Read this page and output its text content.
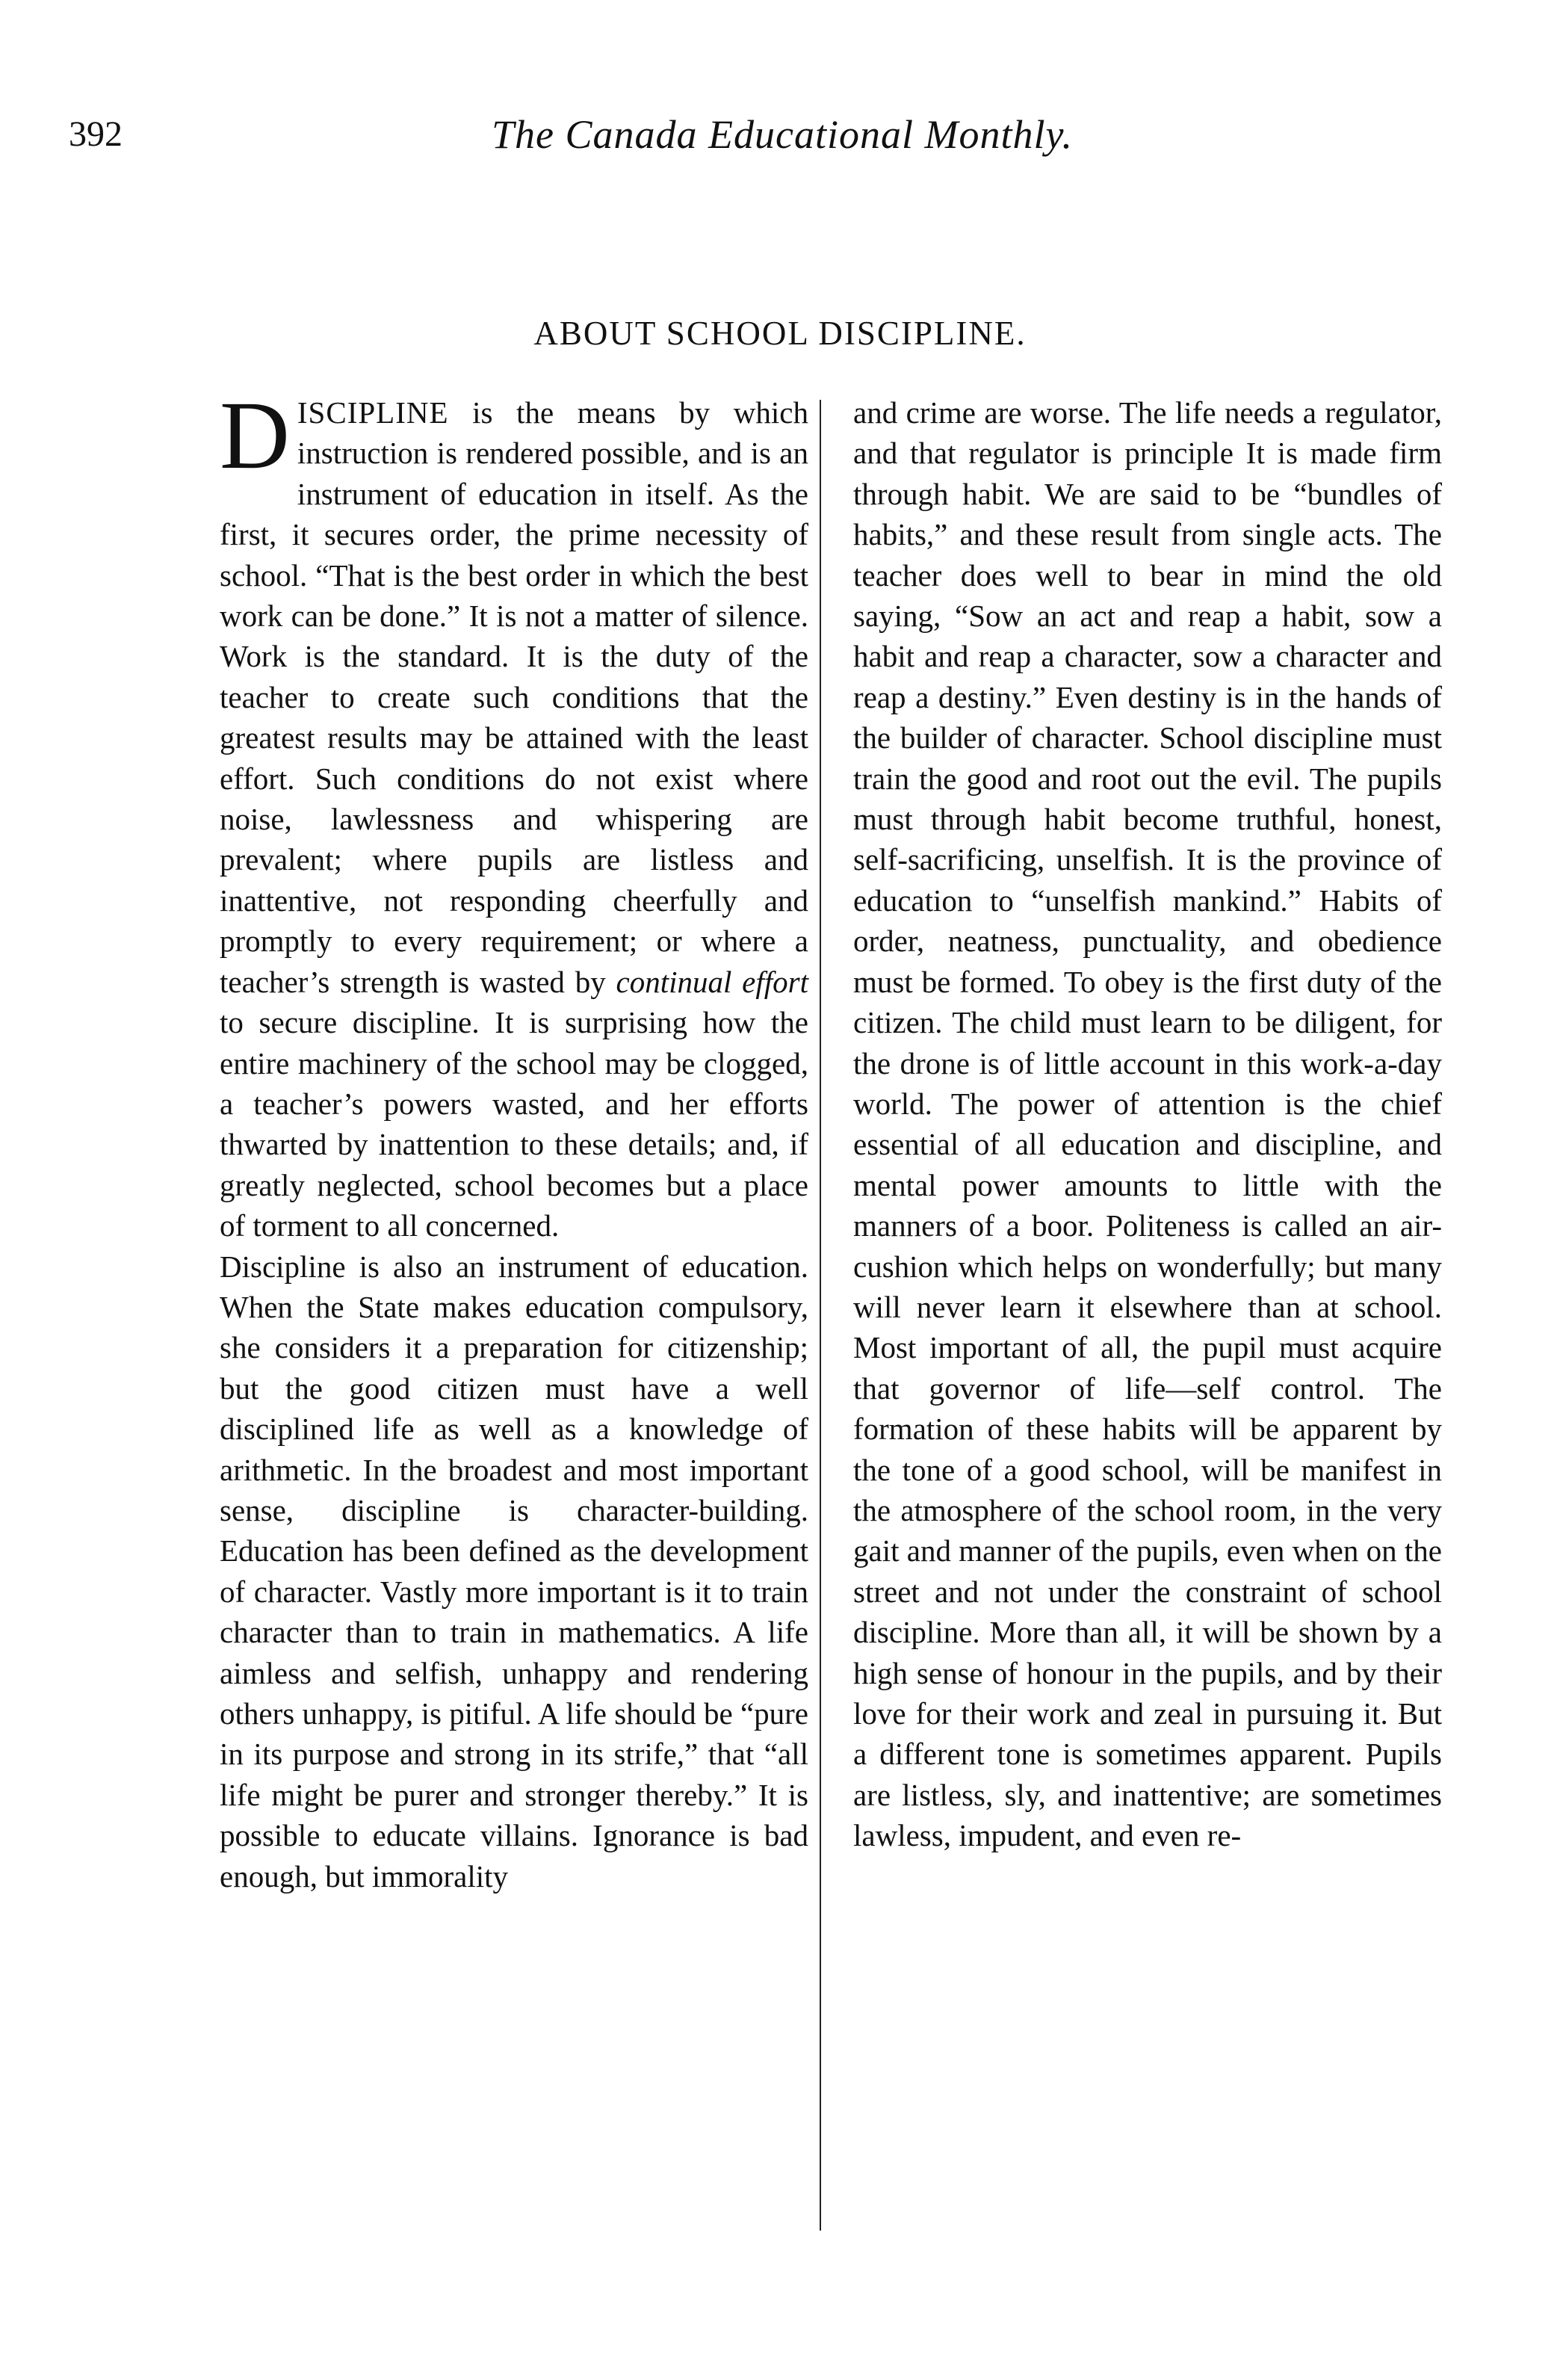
392	The Canada Educational Monthly.
ABOUT SCHOOL DISCIPLINE.

DISCIPLINE is the means by which instruction is rendered possible, and is an instrument of education in itself. As the first, it secures order, the prime necessity of school. “That is the best order in which the best work can be done.” It is not a matter of silence. Work is the standard. It is the duty of the teacher to create such conditions that the greatest results may be attained with the least effort. Such conditions do not exist where noise, lawlessness and whispering are prevalent; where pupils are listless and inattentive, not responding cheerfully and promptly to every requirement; or where a teacher’s strength is wasted by continual effort to secure discipline. It is surprising how the entire machinery of the school may be clogged, a teacher’s powers wasted, and her efforts thwarted by inattention to these details; and, if greatly neglected, school becomes but a place of torment to all concerned.

Discipline is also an instrument of education. When the State makes education compulsory, she considers it a preparation for citizenship; but the good citizen must have a well disciplined life as well as a knowledge of arithmetic. In the broadest and most important sense, discipline is character-building. Education has been defined as the development of character. Vastly more important is it to train character than to train in mathematics. A life aimless and selfish, unhappy and rendering others unhappy, is pitiful. A life should be “pure in its purpose and strong in its strife,” that “all life might be purer and stronger thereby.” It is possible to educate villains. Ignorance is bad enough, but immorality

and crime are worse. The life needs a regulator, and that regulator is principle It is made firm through habit. We are said to be “bundles of habits,” and these result from single acts. The teacher does well to bear in mind the old saying, “Sow an act and reap a habit, sow a habit and reap a character, sow a character and reap a destiny.” Even destiny is in the hands of the builder of character. School discipline must train the good and root out the evil. The pupils must through habit become truthful, honest, self-sacrificing, unselfish. It is the province of education to “unselfish mankind.” Habits of order, neatness, punctuality, and obedience must be formed. To obey is the first duty of the citizen. The child must learn to be diligent, for the drone is of little account in this work-a-day world. The power of attention is the chief essential of all education and discipline, and mental power amounts to little with the manners of a boor. Politeness is called an air-cushion which helps on wonderfully; but many will never learn it elsewhere than at school. Most important of all, the pupil must acquire that governor of life—self control. The formation of these habits will be apparent by the tone of a good school, will be manifest in the atmosphere of the school room, in the very gait and manner of the pupils, even when on the street and not under the constraint of school discipline. More than all, it will be shown by a high sense of honour in the pupils, and by their love for their work and zeal in pursuing it. But a different tone is sometimes apparent. Pupils are listless, sly, and inattentive; are sometimes lawless, impudent, and even re-
